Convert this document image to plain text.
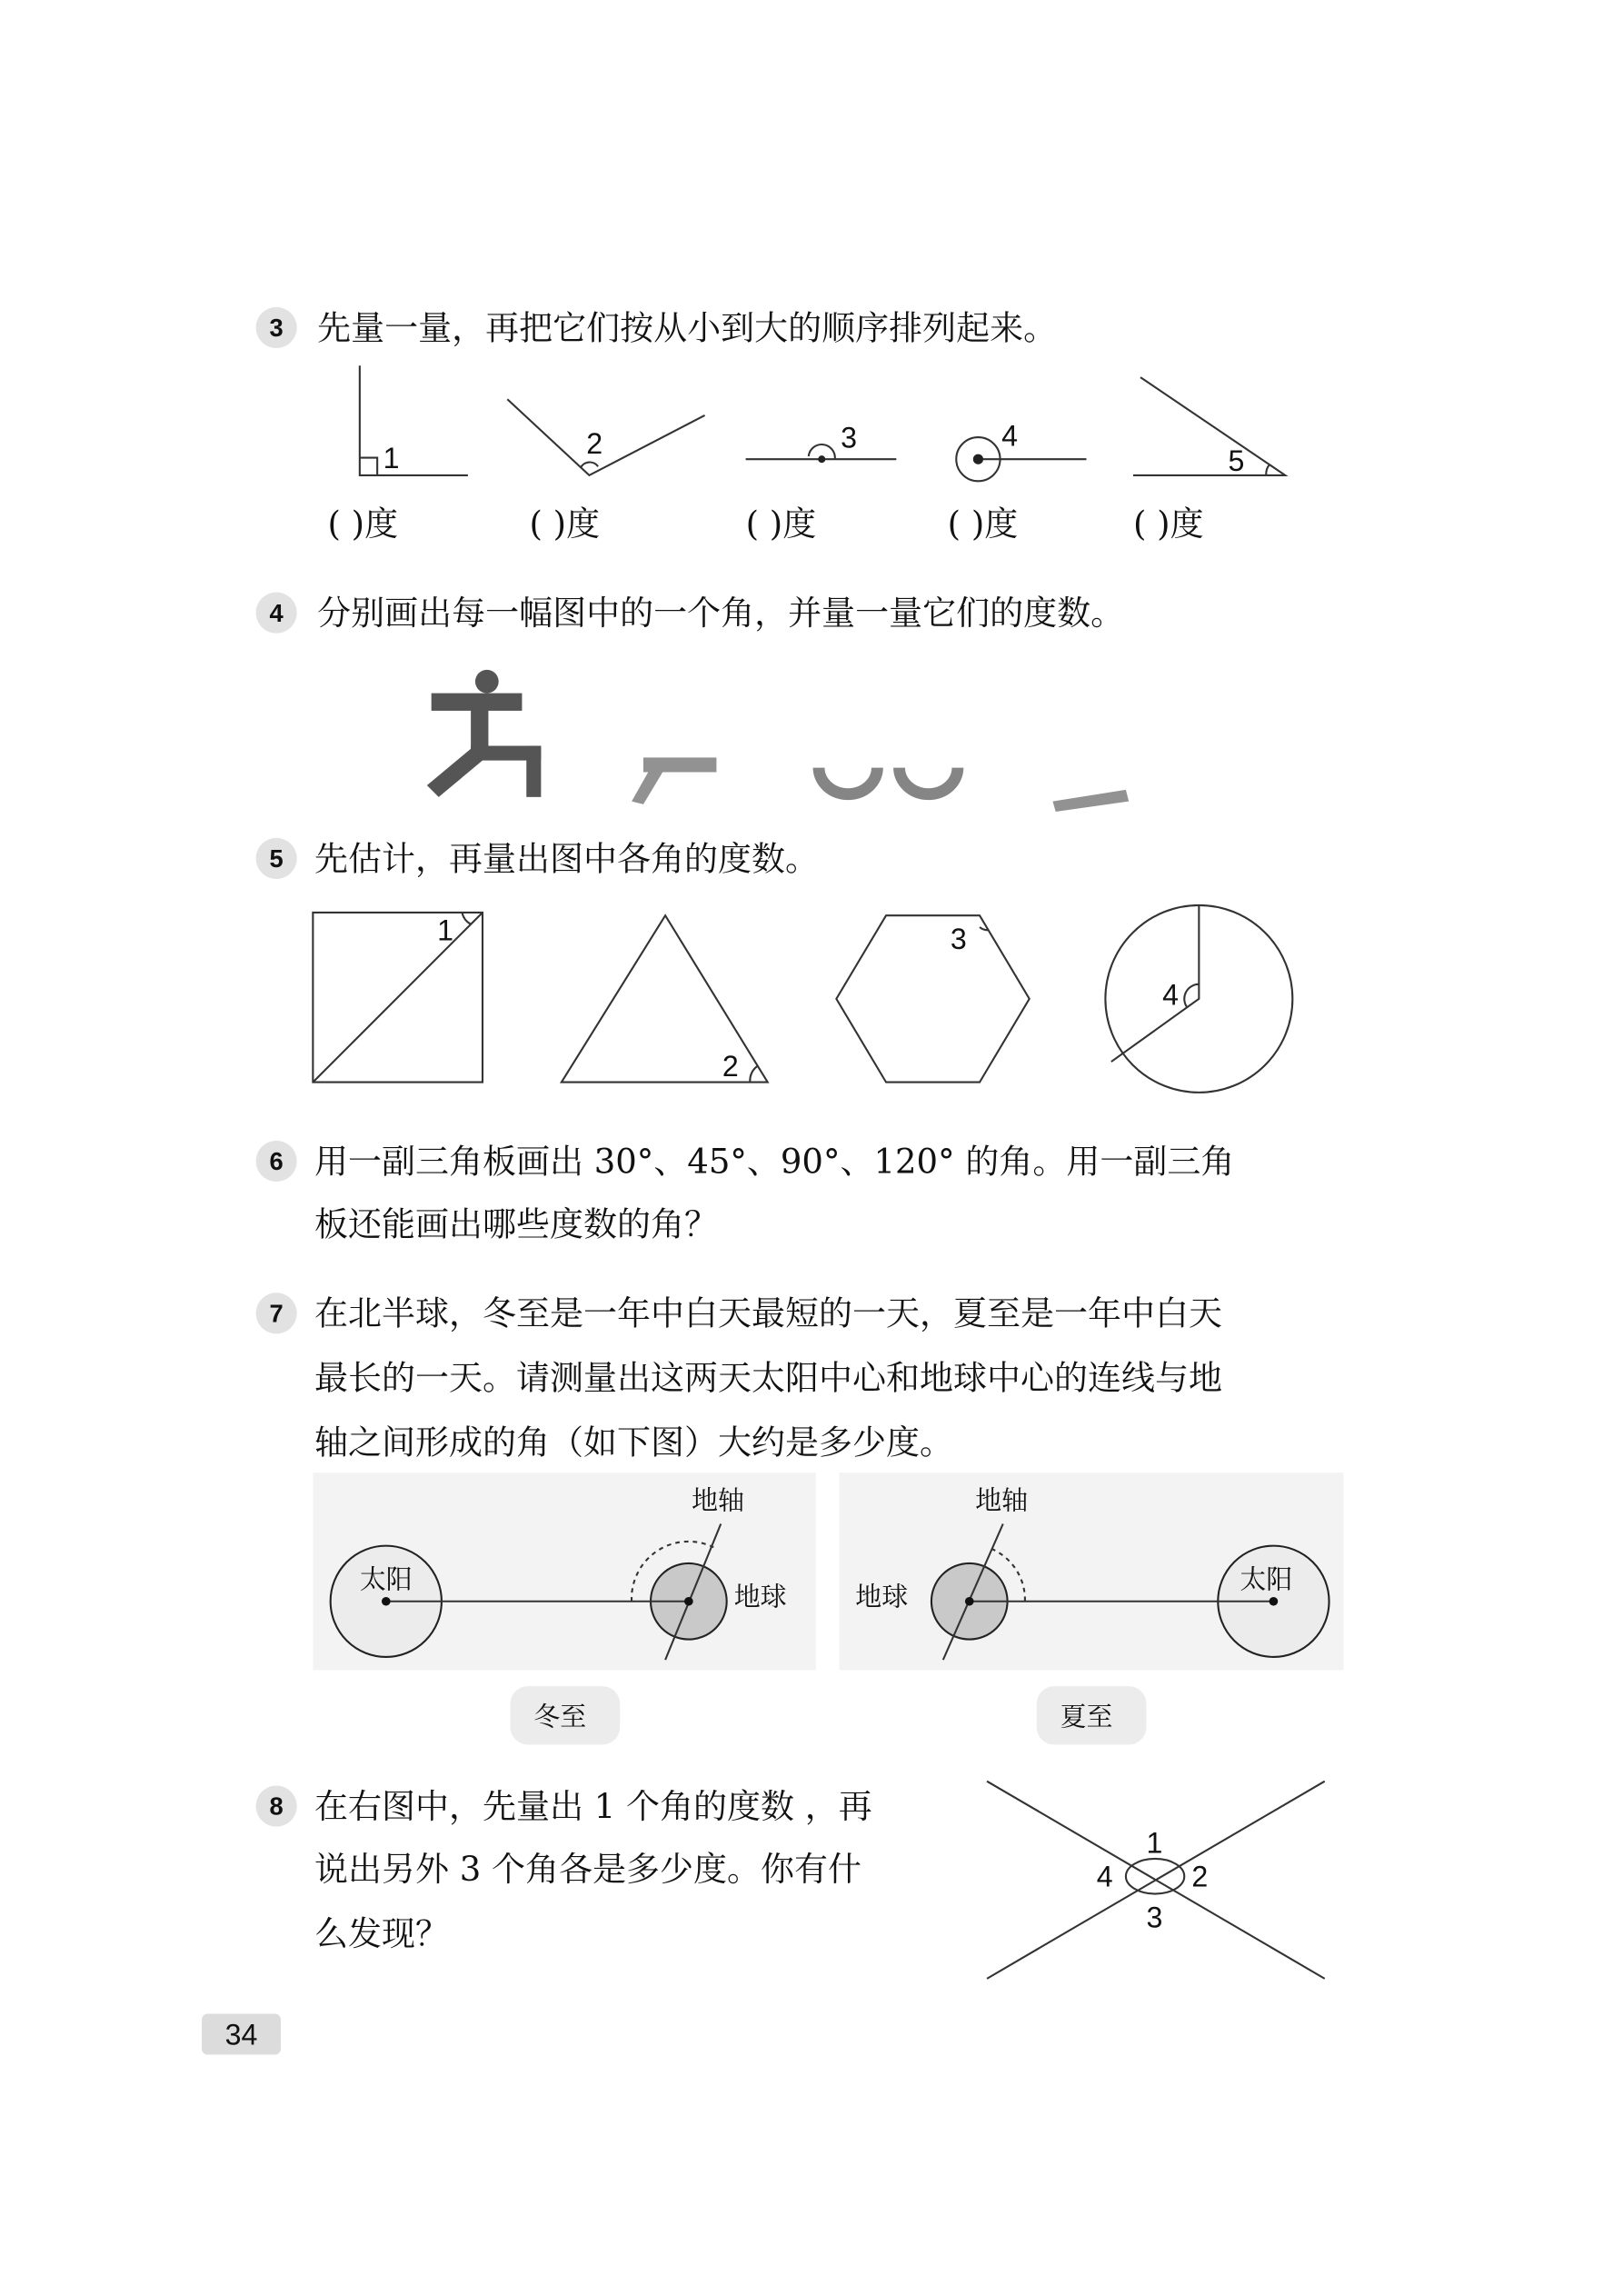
3 先量一量，再把它们按从小到大的顺序排列起来。
1	2	3	4
5
( )度	( )度	( )度	( )度	( )度
4 分别画出每一幅图中的一个角，并量一量它们的度数。
5 先估计，再量出图中各角的度数。
1
2
3
4
6 用一副三角板画出 30°、45°、90°、120° 的角。用一副三角
板还能画出哪些度数的角？
7 在北半球，冬至是一年中白天最短的一天，夏至是一年中白天
最长的一天。请测量出这两天太阳中心和地球中心的连线与地
轴之间形成的角（如下图）大约是多少度。
太阳
地球
地轴
太阳
地球
地轴
冬至	夏至
8 在右图中，先量出 1 个角的度数 ，再
说出另外 3 个角各是多少度。你有什
么发现？
1
2
3
4
34
